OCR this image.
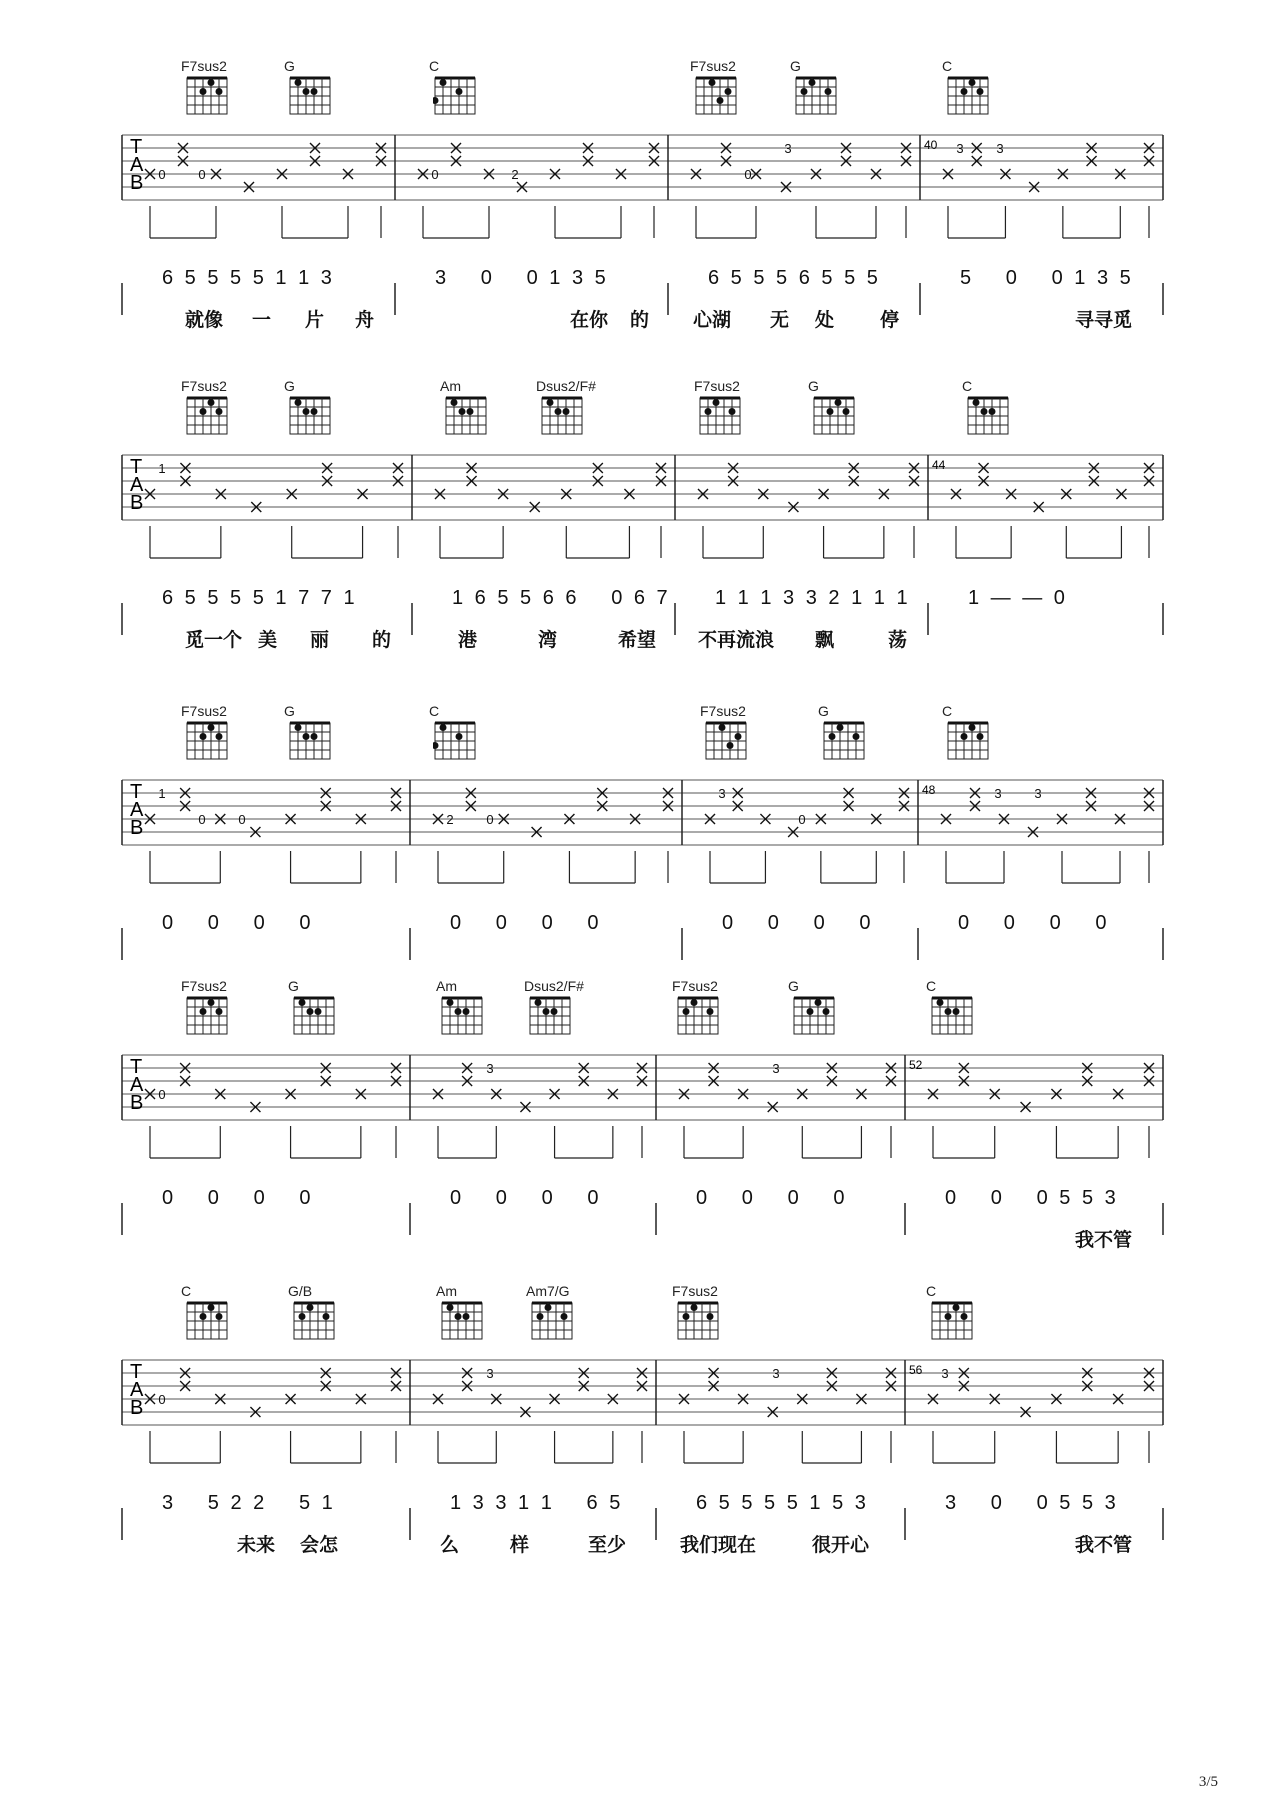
F7sus2	G	C	F7sus2	G	C
T
A
B
40
0	0	2
0	0
3	3	3
6 5 5 5 5 1 1 3	3   0   0 1 3 5	6 5 5 5 6 5 5 5	5   0   0 1 3 5
就像 一 片 舟	在你 的 心湖 无 处 停	寻寻觅
F7sus2	G	Am	Dsus2/F#	F7sus2	G	C
T
A
B
44
1
6 5 5 5 5 1 7 7 1	1 6 5 5 6 6   0 6 7 1 1 1 3 3 2 1 1 1	1 — — 0
觅一个 美 丽 的	港	湾	希望 不再流浪 飘	荡
F7sus2	G	C	F7sus2	G	C
T
A
B
48
1
0	0	2	0	0
3	3	3
0   0   0   0	0   0   0   0	0   0   0   0	0   0   0   0
F7sus2	G	Am	Dsus2/F#	F7sus2	G	C
T
A
B
52
0
3	3
0   0   0   0	0   0   0   0	0   0   0   0	0   0   0 5 5 3
我不管
C	G/B	Am	Am7/G	F7sus2	C
T
A
B
56
0
3	3	3
3   5 2 2   5 1	1 3 3 1 1   6 5	6 5 5 5 5 1 5 3	3   0   0 5 5 3
未来 会怎	么	样	至少	我们现在	很开心	我不管
3/5
